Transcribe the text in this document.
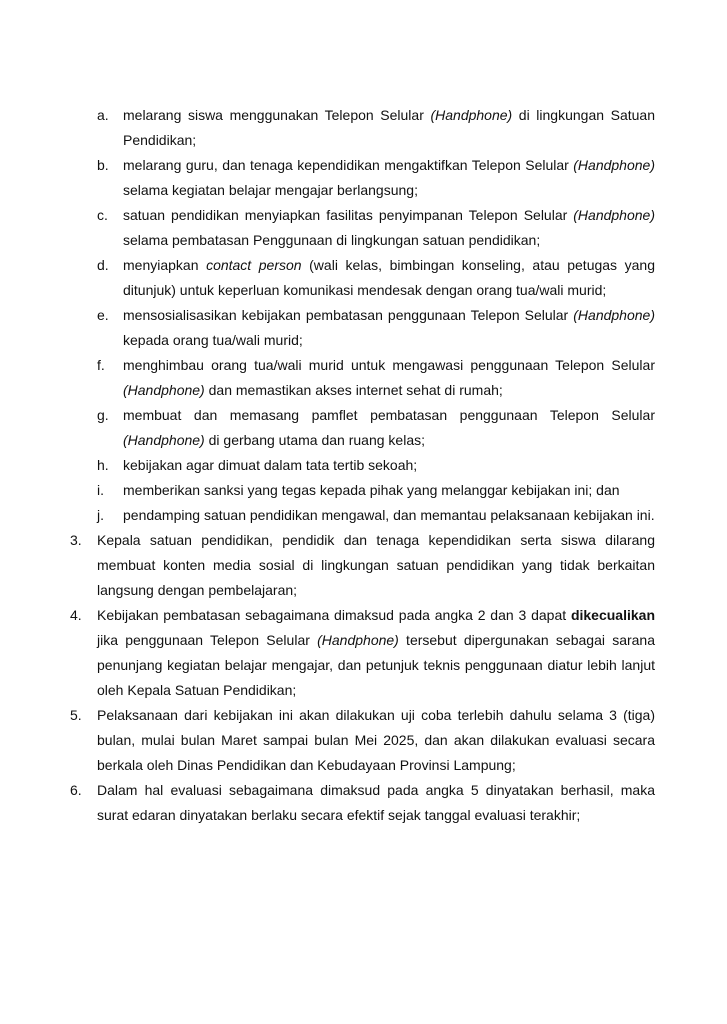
a.	melarang siswa menggunakan Telepon Selular (Handphone) di lingkungan Satuan Pendidikan;
b.	melarang guru, dan tenaga kependidikan mengaktifkan Telepon Selular (Handphone) selama kegiatan belajar mengajar berlangsung;
c.	satuan pendidikan menyiapkan fasilitas penyimpanan Telepon Selular (Handphone) selama pembatasan Penggunaan di lingkungan satuan pendidikan;
d.	menyiapkan contact person (wali kelas, bimbingan konseling, atau petugas yang ditunjuk) untuk keperluan komunikasi mendesak dengan orang tua/wali murid;
e.	mensosialisasikan kebijakan pembatasan penggunaan Telepon Selular (Handphone) kepada orang tua/wali murid;
f.	menghimbau orang tua/wali murid untuk mengawasi penggunaan Telepon Selular (Handphone) dan memastikan akses internet sehat di rumah;
g.	membuat dan memasang pamflet pembatasan penggunaan Telepon Selular (Handphone) di gerbang utama dan ruang kelas;
h.	kebijakan agar dimuat dalam tata tertib sekoah;
i.	memberikan sanksi yang tegas kepada pihak yang melanggar kebijakan ini; dan
j.	pendamping satuan pendidikan mengawal, dan memantau pelaksanaan kebijakan ini.
3.	Kepala satuan pendidikan, pendidik dan tenaga kependidikan serta siswa dilarang membuat konten media sosial di lingkungan satuan pendidikan yang tidak berkaitan langsung dengan pembelajaran;
4.	Kebijakan pembatasan sebagaimana dimaksud pada angka 2 dan 3 dapat dikecualikan jika penggunaan Telepon Selular (Handphone) tersebut dipergunakan sebagai sarana penunjang kegiatan belajar mengajar, dan petunjuk teknis penggunaan diatur lebih lanjut oleh Kepala Satuan Pendidikan;
5.	Pelaksanaan dari kebijakan ini akan dilakukan uji coba terlebih dahulu selama 3 (tiga) bulan, mulai bulan Maret sampai bulan Mei 2025, dan akan dilakukan evaluasi secara berkala oleh Dinas Pendidikan dan Kebudayaan Provinsi Lampung;
6.	Dalam hal evaluasi sebagaimana dimaksud pada angka 5 dinyatakan berhasil, maka surat edaran dinyatakan berlaku secara efektif sejak tanggal evaluasi terakhir;
